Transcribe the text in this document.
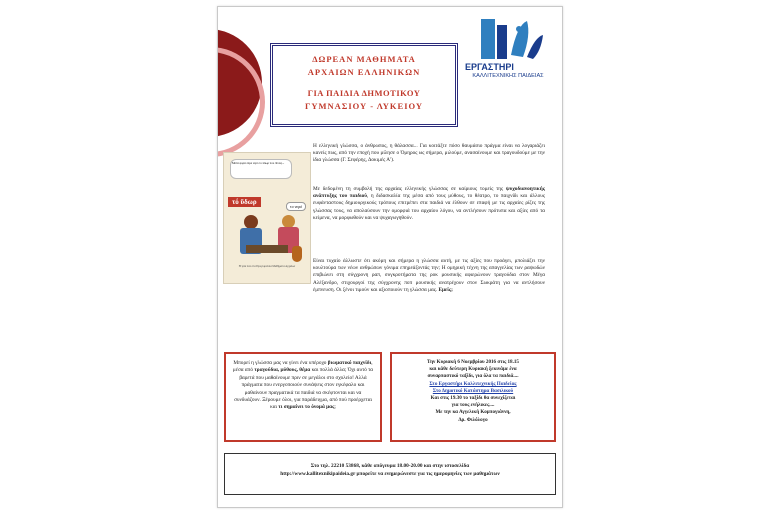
ΔΩΡΕΑΝ ΜΑΘΗΜΑΤΑ
ΑΡΧΑΙΩΝ ΕΛΛΗΝΙΚΩΝ
ΓΙΑ ΠΑΙΔΙΑ ΔΗΜΟΤΙΚΟΥ
ΓΥΜΝΑΣΙΟΥ - ΛΥΚΕΙΟΥ
ΕΡΓΑΣΤΗΡΙ
ΚΑΛΛΙΤΕΧΝΙΚΗΣ ΠΑΙΔΕΙΑΣ
Η ελληνική γλώσσα, ο άνθρωπος, η θάλασσα... Για κοιτάξτε πόσο θαυμάσιο πράγμα είναι να λογαριάζει κανείς πως, από την εποχή που μίλησε ο Όμηρος ως σήμερα, μιλούμε, ανασαίνουμε και τραγουδούμε με την ίδια γλώσσα (Γ. Σεφέρης, Δοκιμές Α').
Μετά φορά λέμε νερό το ύδωρ που πίνεις...
τό ὕδωρ
το νερό
Η τρία ένα στα Προγυμνάσια Μαθήματα Αρχαίων
Με δεδομένη τη συμβολή της αρχαίας ελληνικής γλώσσας σε καίριους τομείς της ψυχοδιανοητικής ανάπτυξης του παιδιού, η διδασκαλία της μέσα από τους μύθους, το θέατρο, το παιχνίδι και άλλους ευφάνταστους δημιουργικούς τρόπους επιτρέπει στα παιδιά να έλθουν σε επαφή με τις αρχαίες ρίζες της γλώσσας τους, να απολαύσουν την ομορφιά του αρχαίου λόγου, να αντλήσουν πρότυπα και αξίες από τα κείμενα, να μορφωθούν και να ψυχαγωγηθούν.
Είναι τυχαίο άλλωστε ότι ακόμη και σήμερα η γλώσσα αυτή, με τις αξίες που προάγει, μπολιάζει την κουλτούρα των νέων ανθρώπων γόνιμα επηρεάζοντάς την; Η ομηρική τέχνη της απαγγελίας των ραψωδών επιβιώνει στη σύγχρονη ραπ, συγκροτήματα της ροκ μουσικής αφιερώνουν τραγούδια στον Μέγα Αλέξανδρο, στιχουργοί της σύγχρονης ποπ μουσικής ανατρέχουν στον Σωκράτη για να αντλήσουν έμπνευση. Οι ξένοι τιμούν και αξιοποιούν τη γλώσσα μας. Εμείς;
Μπορεί η γλώσσα μας να γίνει ένα υπέροχο βιωματικό παιχνίδι, μέσα από τραγούδια, μύθους, θέμα και πολλά άλλα; Όχι αυτό τα βαρετά που μαθαίνουμε πριν σε μεγάλοι στο σχολείο! Αλλά πράγματα που ενεργοποιούν συνάψεις στον εγκέφαλο και μαθαίνουν πραγματικά τα παιδιά να σκέφτονται και να συνδυάζουν. Ξέρουμε όλοι, για παράδειγμα, από πού προέρχεται και τι σημαίνει το όνομά μας;
Την Κυριακή 6 Νοεμβρίου 2016 στις 18.15
και κάθε δεύτερη Κυριακή ξεκινάμε ένα
συναρπαστικό ταξίδι, για όλα τα παιδιά....
Στο Εργαστήρι Καλλιτεχνικής Παιδείας
Στο Δημοτικό Κατάστημα Βασιλικού
Και στις 19.30 το ταξίδι θα συνεχίζεται
για τους ενήλικες....
Με την κα Αγγελική Κομπογιάννη,
Δρ. Φιλόλογο
Στο τηλ. 22210 53868, κάθε απόγευμα 18.00-20.00 και στην ιστοσελίδα
http://www.kallitexnikipaideia.gr μπορείτε να ενημερώνεστε για τις ημερομηνίες των μαθημάτων
